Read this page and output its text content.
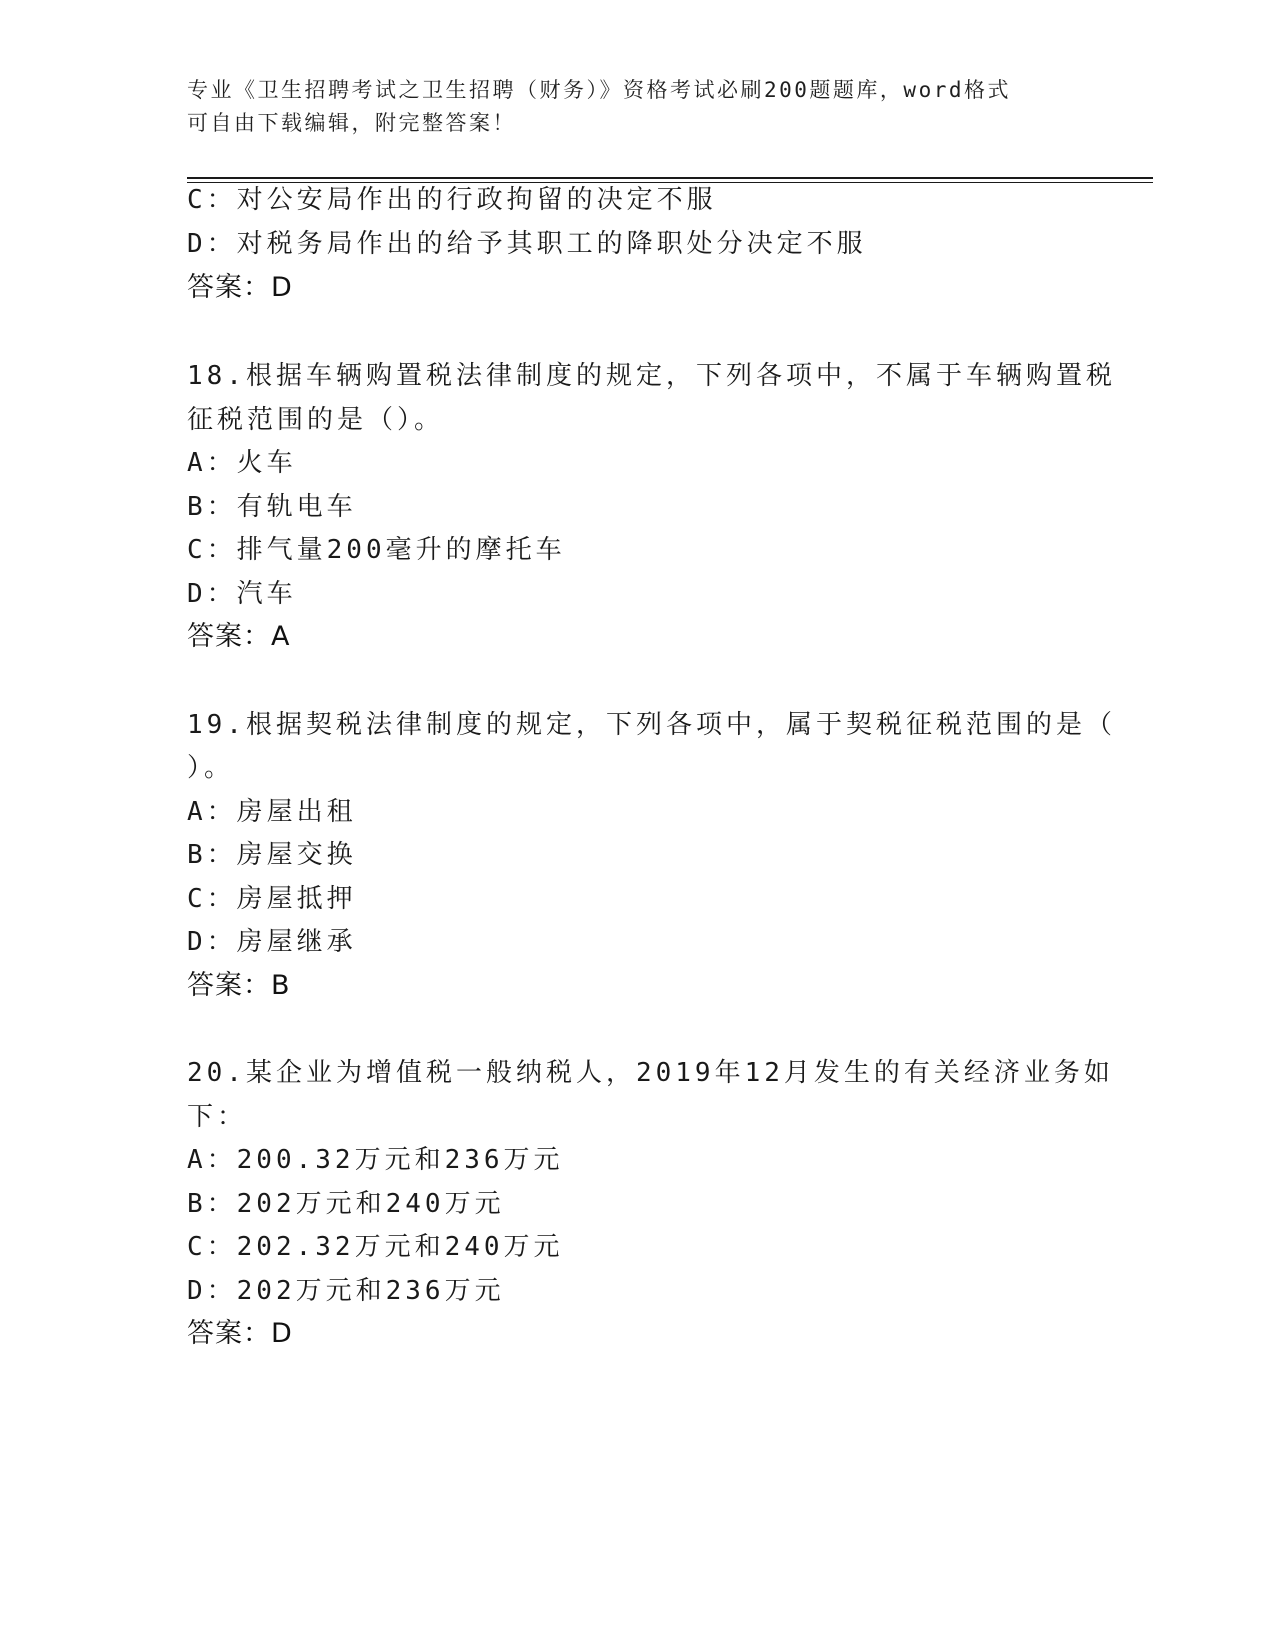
专业《卫生招聘考试之卫生招聘（财务）》资格考试必刷200题题库，word格式
可自由下载编辑，附完整答案！
C：对公安局作出的行政拘留的决定不服
D：对税务局作出的给予其职工的降职处分决定不服
答案：D
18.根据车辆购置税法律制度的规定，下列各项中，不属于车辆购置税
征税范围的是（）。
A：火车
B：有轨电车
C：排气量200毫升的摩托车
D：汽车
答案：A
19.根据契税法律制度的规定，下列各项中，属于契税征税范围的是（
）。
A：房屋出租
B：房屋交换
C：房屋抵押
D：房屋继承
答案：B
20.某企业为增值税一般纳税人，2019年12月发生的有关经济业务如
下：
A：200.32万元和236万元
B：202万元和240万元
C：202.32万元和240万元
D：202万元和236万元
答案：D
